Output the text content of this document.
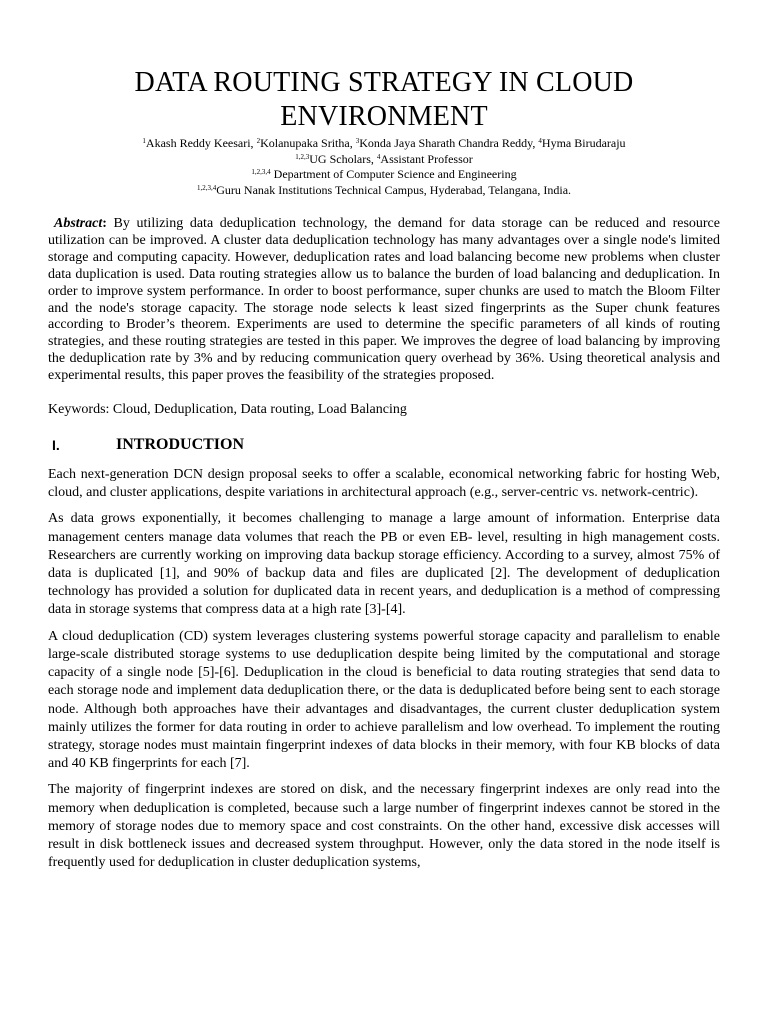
DATA ROUTING STRATEGY IN CLOUD ENVIRONMENT
$^1$Akash Reddy Keesari, $^2$Kolanupaka Sritha, $^3$Konda Jaya Sharath Chandra Reddy, $^4$Hyma Birudaraju
$^{1,2,3}$UG Scholars, $^4$Assistant Professor
$^{1,2,3,4}$ Department of Computer Science and Engineering
$^{1,2,3,4}$Guru Nanak Institutions Technical Campus, Hyderabad, Telangana, India.
Abstract: By utilizing data deduplication technology, the demand for data storage can be reduced and resource utilization can be improved. A cluster data deduplication technology has many advantages over a single node's limited storage and computing capacity. However, deduplication rates and load balancing become new problems when cluster data duplication is used. Data routing strategies allow us to balance the burden of load balancing and deduplication. In order to improve system performance. In order to boost performance, super chunks are used to match the Bloom Filter and the node's storage capacity. The storage node selects k least sized fingerprints as the Super chunk features according to Broder’s theorem. Experiments are used to determine the specific parameters of all kinds of routing strategies, and these routing strategies are tested in this paper. We improves the degree of load balancing by improving the deduplication rate by 3% and by reducing communication query overhead by 36%. Using theoretical analysis and experimental results, this paper proves the feasibility of the strategies proposed.
Keywords: Cloud, Deduplication, Data routing, Load Balancing
I.	INTRODUCTION

Each next-generation DCN design proposal seeks to offer a scalable, economical networking fabric for hosting Web, cloud, and cluster applications, despite variations in architectural approach (e.g., server-centric vs. network-centric).

As data grows exponentially, it becomes challenging to manage a large amount of information. Enterprise data management centers manage data volumes that reach the PB or even EB- level, resulting in high management costs. Researchers are currently working on improving data backup storage efficiency. According to a survey, almost 75% of data is duplicated [1], and 90% of backup data and files are duplicated [2]. The development of deduplication technology has provided a solution for duplicated data in recent years, and deduplication is a method of compressing data in storage systems that compress data at a high rate [3]-[4].

A cloud deduplication (CD) system leverages clustering systems powerful storage capacity and parallelism to enable large-scale distributed storage systems to use deduplication despite being limited by the computational and storage capacity of a single node [5]-[6]. Deduplication in the cloud is beneficial to data routing strategies that send data to each storage node and implement data deduplication there, or the data is deduplicated before being sent to each storage node. Although both approaches have their advantages and disadvantages, the current cluster deduplication system mainly utilizes the former for data routing in order to achieve parallelism and low overhead. To implement the routing strategy, storage nodes must maintain fingerprint indexes of data blocks in their memory, with four KB blocks of data and 40 KB fingerprints for each [7].

The majority of fingerprint indexes are stored on disk, and the necessary fingerprint indexes are only read into the memory when deduplication is completed, because such a large number of fingerprint indexes cannot be stored in the memory of storage nodes due to memory space and cost constraints. On the other hand, excessive disk accesses will result in disk bottleneck issues and decreased system throughput. However, only the data stored in the node itself is frequently used for deduplication in cluster deduplication systems,
